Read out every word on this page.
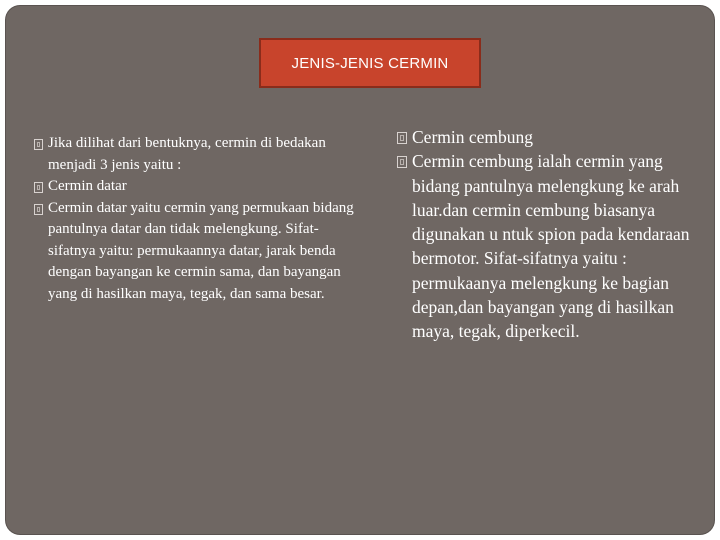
JENIS-JENIS CERMIN
Jika dilihat dari bentuknya, cermin di bedakan menjadi 3 jenis yaitu :
Cermin datar
Cermin datar yaitu cermin yang permukaan bidang pantulnya datar dan tidak melengkung. Sifat-sifatnya yaitu: permukaannya datar, jarak benda dengan bayangan ke cermin sama, dan bayangan yang di hasilkan maya, tegak, dan sama besar.
Cermin cembung
Cermin cembung ialah cermin yang bidang pantulnya melengkung ke arah luar.dan cermin cembung biasanya digunakan u ntuk spion pada kendaraan bermotor. Sifat-sifatnya yaitu : permukaanya melengkung ke bagian depan,dan bayangan yang di hasilkan maya, tegak, diperkecil.
